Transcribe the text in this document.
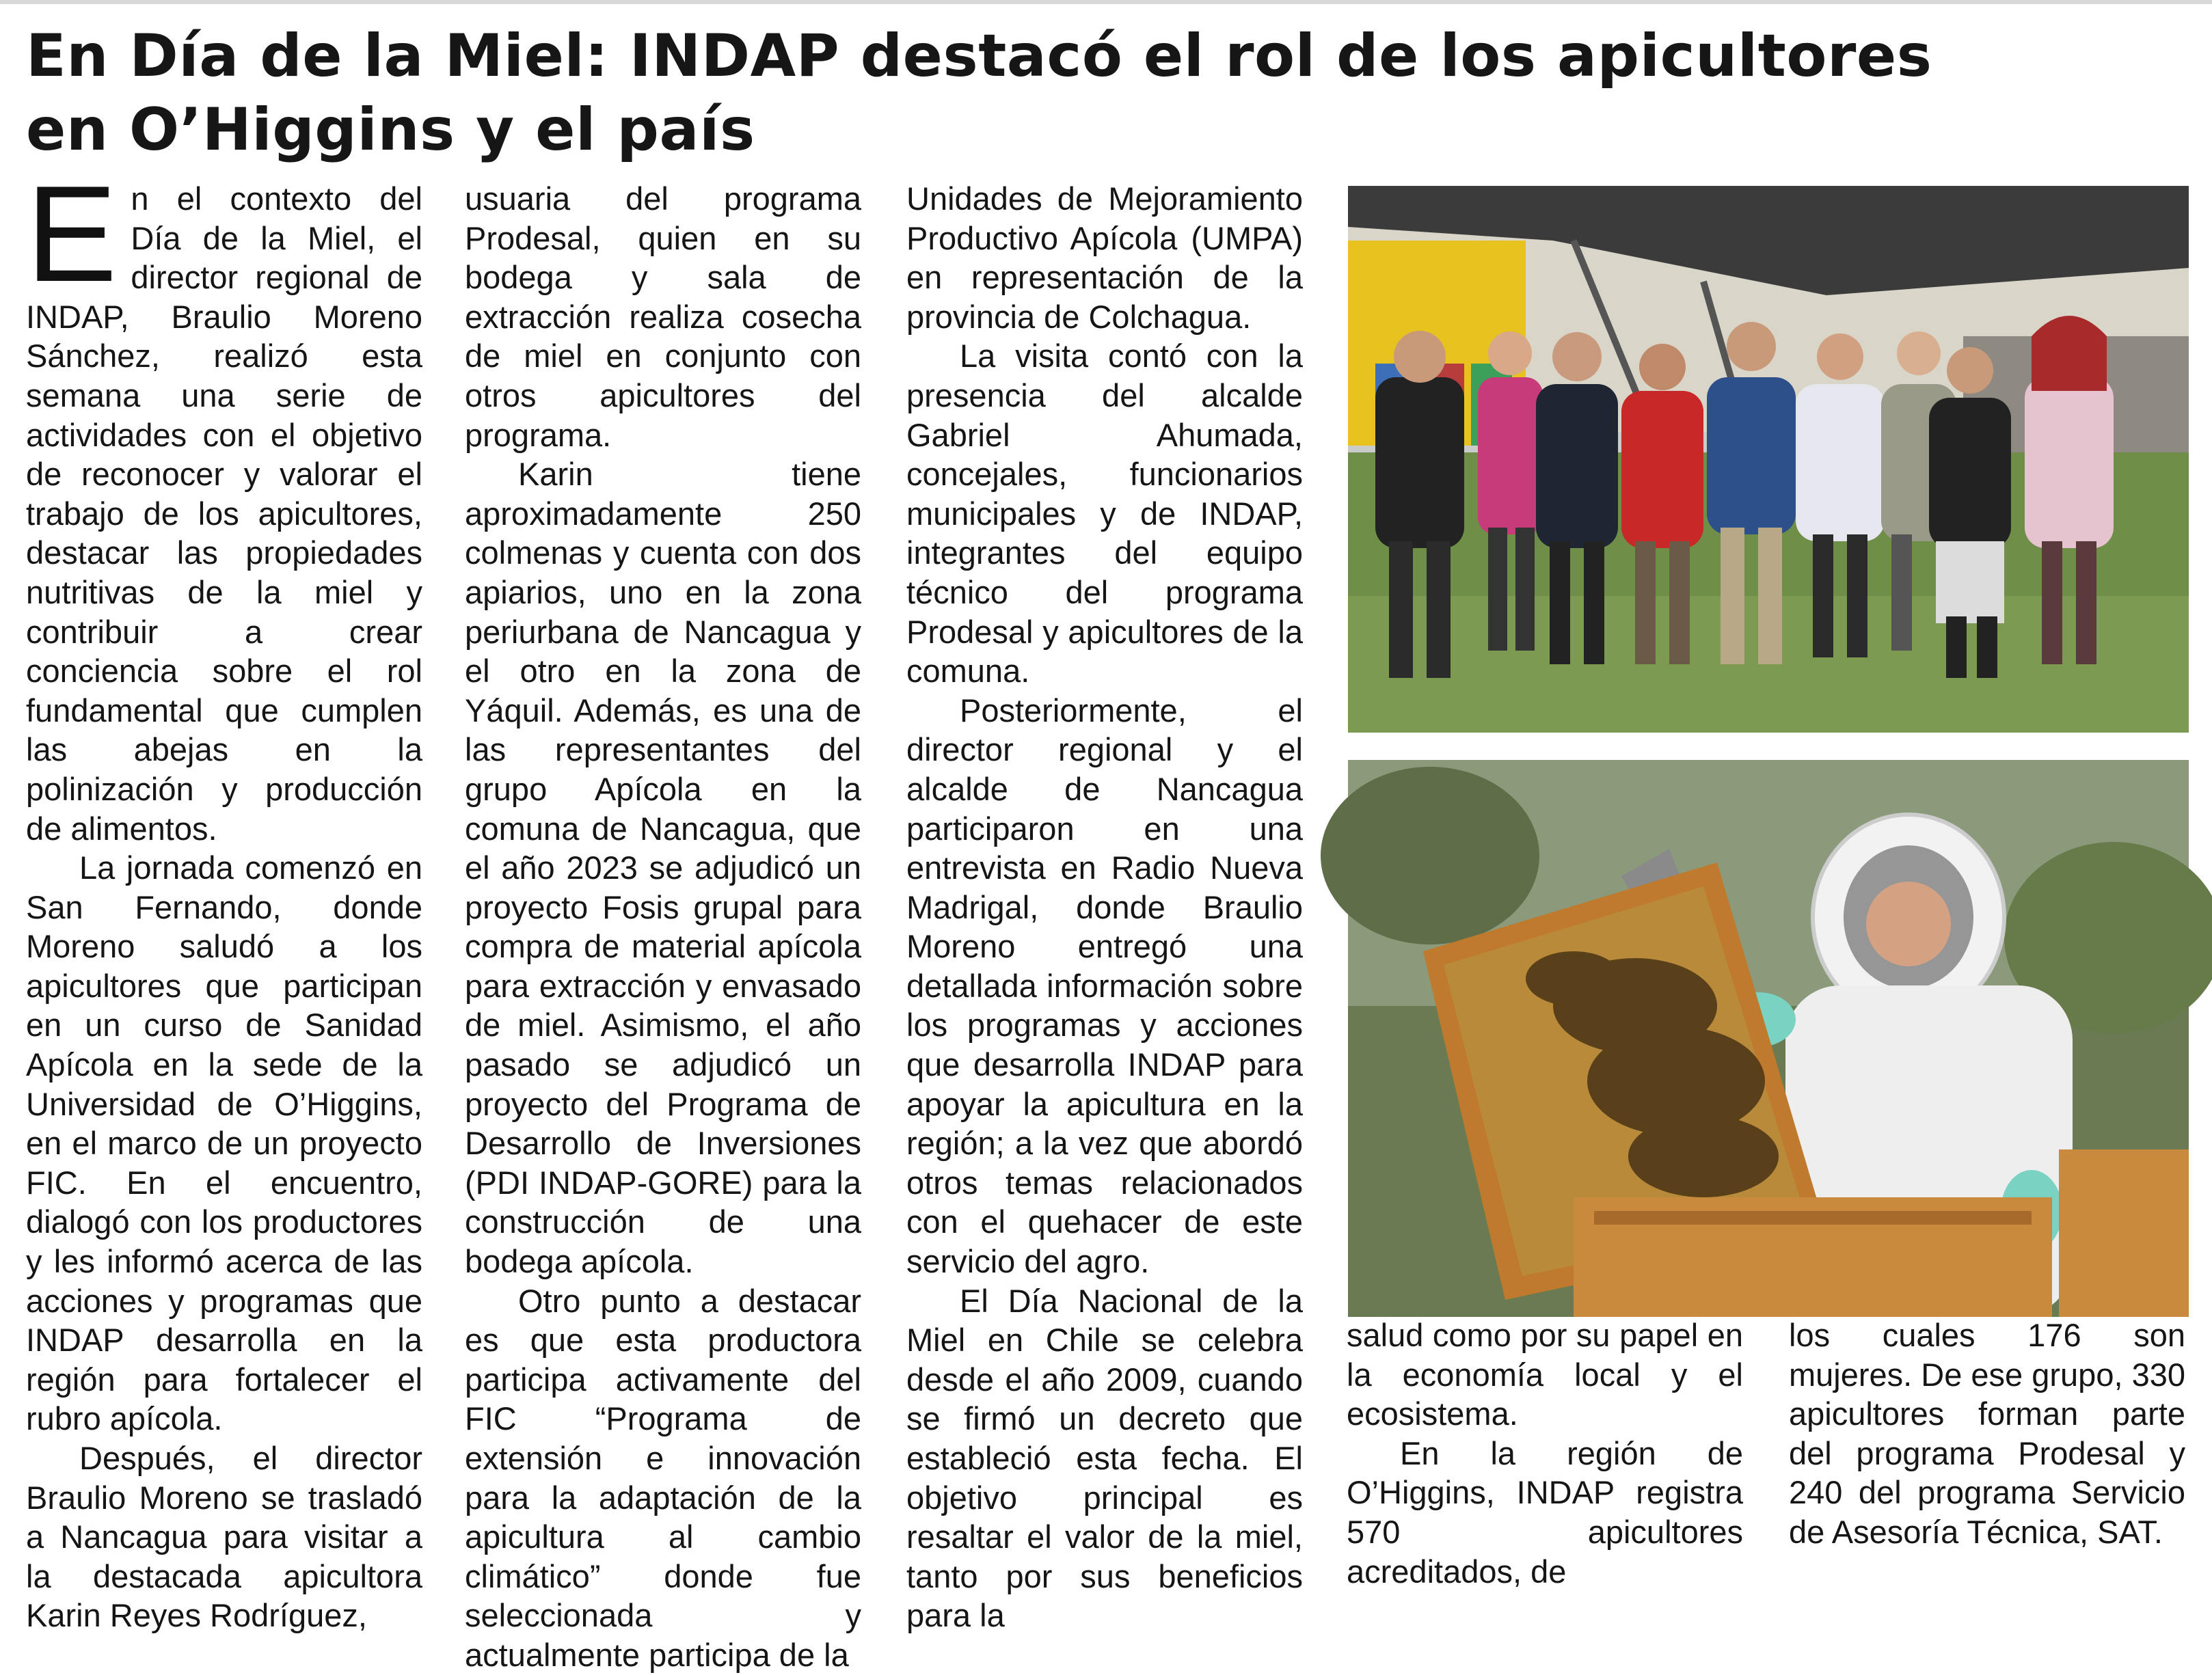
En Día de la Miel: INDAP destacó el rol de los apicultores
en O’Higgins y el país

En el contexto del Día de la Miel, el director regional de INDAP, Braulio Moreno Sánchez, realizó esta semana una serie de actividades con el objetivo de reconocer y valorar el trabajo de los apicultores, destacar las propiedades nutritivas de la miel y contribuir a crear conciencia sobre el rol fundamental que cumplen las abejas en la polinización y producción de alimentos.

La jornada comenzó en San Fernando, donde Moreno saludó a los apicultores que participan en un curso de Sanidad Apícola en la sede de la Universidad de O’Higgins, en el marco de un proyecto FIC. En el encuentro, dialogó con los productores y les informó acerca de las acciones y programas que INDAP desarrolla en la región para fortalecer el rubro apícola.

Después, el director Braulio Moreno se trasladó a Nancagua para visitar a la destacada apicultora Karin Reyes Rodríguez,

usuaria del programa Prodesal, quien en su bodega y sala de extracción realiza cosecha de miel en conjunto con otros apicultores del programa.

Karin tiene aproximadamente 250 colmenas y cuenta con dos apiarios, uno en la zona periurbana de Nancagua y el otro en la zona de Yáquil. Además, es una de las representantes del grupo Apícola en la comuna de Nancagua, que el año 2023 se adjudicó un proyecto Fosis grupal para compra de material apícola para extracción y envasado de miel. Asimismo, el año pasado se adjudicó un proyecto del Programa de Desarrollo de Inversiones (PDI INDAP-GORE) para la construcción de una bodega apícola.

Otro punto a destacar es que esta productora participa activamente del FIC “Programa de extensión e innovación para la adaptación de la apicultura al cambio climático” donde fue seleccionada y actualmente participa de la

Unidades de Mejoramiento Productivo Apícola (UMPA) en representación de la provincia de Colchagua.

La visita contó con la presencia del alcalde Gabriel Ahumada, concejales, funcionarios municipales y de INDAP, integrantes del equipo técnico del programa Prodesal y apicultores de la comuna.

Posteriormente, el director regional y el alcalde de Nancagua participaron en una entrevista en Radio Nueva Madrigal, donde Braulio Moreno entregó una detallada información sobre los programas y acciones que desarrolla INDAP para apoyar la apicultura en la región; a la vez que abordó otros temas relacionados con el quehacer de este servicio del agro.

El Día Nacional de la Miel en Chile se celebra desde el año 2009, cuando se firmó un decreto que estableció esta fecha. El objetivo principal es resaltar el valor de la miel, tanto por sus beneficios para la

salud como por su papel en la economía local y el ecosistema.

En la región de O’Higgins, INDAP registra 570 apicultores acreditados, de

los cuales 176 son mujeres. De ese grupo, 330 apicultores forman parte del programa Prodesal y 240 del programa Servicio de Asesoría Técnica, SAT.
